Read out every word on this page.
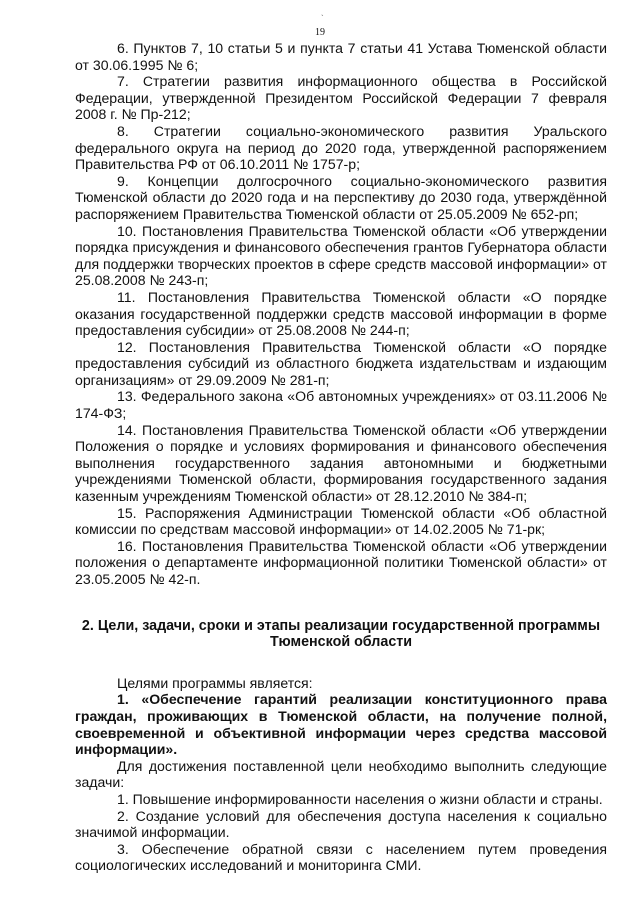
`
19

6. Пунктов 7, 10 статьи 5 и пункта 7 статьи 41 Устава Тюменской области от 30.06.1995 № 6;

7. Стратегии развития информационного общества в Российской Федерации, утвержденной Президентом Российской Федерации 7 февраля 2008 г. № Пр-212;

8. Стратегии социально-экономического развития Уральского федерального округа на период до 2020 года, утвержденной распоряжением Правительства РФ от 06.10.2011 № 1757-р;

9. Концепции долгосрочного социально-экономического развития Тюменской области до 2020 года и на перспективу до 2030 года, утверждённой распоряжением Правительства Тюменской области от 25.05.2009 № 652-рп;

10. Постановления Правительства Тюменской области «Об утверждении порядка присуждения и финансового обеспечения грантов Губернатора области для поддержки творческих проектов в сфере средств массовой информации» от 25.08.2008 № 243-п;

11. Постановления Правительства Тюменской области «О порядке оказания государственной поддержки средств массовой информации в форме предоставления субсидии» от 25.08.2008 № 244-п;

12. Постановления Правительства Тюменской области «О порядке предоставления субсидий из областного бюджета издательствам и издающим организациям» от 29.09.2009 № 281-п;

13. Федерального закона «Об автономных учреждениях» от 03.11.2006 № 174-ФЗ;

14. Постановления Правительства Тюменской области «Об утверждении Положения о порядке и условиях формирования и финансового обеспечения выполнения государственного задания автономными и бюджетными учреждениями Тюменской области, формирования государственного задания казенным учреждениям Тюменской области» от 28.12.2010 № 384-п;

15. Распоряжения Администрации Тюменской области «Об областной комиссии по средствам массовой информации» от 14.02.2005 № 71-рк;

16. Постановления Правительства Тюменской области «Об утверждении положения о департаменте информационной политики Тюменской области» от 23.05.2005 № 42-п.

2. Цели, задачи, сроки и этапы реализации государственной программы
Тюменской области

Целями программы является:

1. «Обеспечение гарантий реализации конституционного права граждан, проживающих в Тюменской области, на получение полной, своевременной и объективной информации через средства массовой информации».

Для достижения поставленной цели необходимо выполнить следующие задачи:

1. Повышение информированности населения о жизни области и страны.

2. Создание условий для обеспечения доступа населения к социально значимой информации.

3. Обеспечение обратной связи с населением путем проведения социологических исследований и мониторинга СМИ.
